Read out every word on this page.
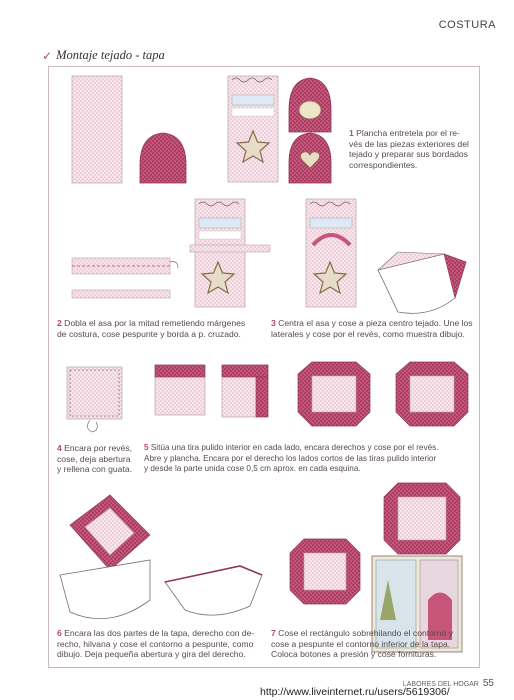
COSTURA
✓ Montaje tejado - tapa
1 Plancha entretela por el re-
vés de las piezas exteriores del
tejado y preparar sus bordados
correspondientes.
2 Dobla el asa por la mitad remetiendo márgenes
de costura, cose pespunte y borda a p. cruzado.
3 Centra el asa y cose a pieza centro tejado. Une los
laterales y cose por el revés, como muestra dibujo.
4 Encara por revés,
cose, deja abertura
y rellena con guata.
5 Sitúa una tira pulido interior en cada lado, encara derechos y cose por el revés.
Abre y plancha. Encara por el derecho los lados cortos de las tiras pulido interior
y desde la parte unida cose 0,5 cm aprox. en cada esquina.
6 Encara las dos partes de la tapa, derecho con de-
recho, hilvana y cose el contorno a pespunte, como
dibujo. Deja pequeña abertura y gira del derecho.
7 Cose el rectángulo sobrehilando el contorno y
cose a pespunte el contorno inferior de la tapa.
Coloca botones a presión y cose fornituras.
LABORES DEL HOGAR 55
http://www.liveinternet.ru/users/5619306/
